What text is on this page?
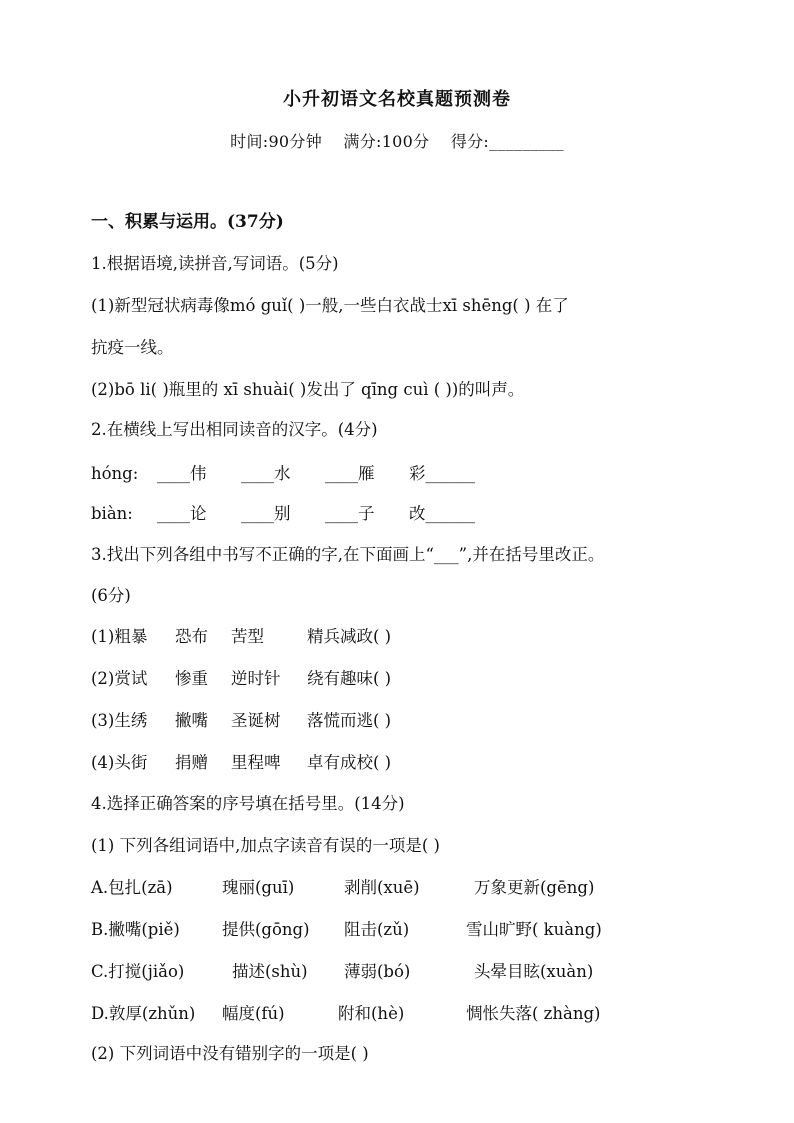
小升初语文名校真题预测卷
时间:90分钟 满分:100分 得分:_________
一、积累与运用。(37分)
1.根据语境,读拼音,写词语。(5分)
(1)新型冠状病毒像mó guǐ( )一般,一些白衣战士xī shēng( ) 在了
抗疫一线。
(2)bō li( )瓶里的 xī shuài( )发出了 qīng cuì ( ))的叫声。
2.在横线上写出相同读音的汉字。(4分)
hóng: ____伟 ____水 ____雁 彩______
biàn: ____论 ____别 ____子 改______
3.找出下列各组中书写不正确的字,在下面画上“___”,并在括号里改正。
(6分)
(1)粗暴 恐布 苦型	精兵减政( )
(2)赏试 惨重 逆时针 绕有趣味( )
(3)生绣 撇嘴 圣诞树 落慌而逃( )
(4)头街 捐赠 里程啤 卓有成校( )
4.选择正确答案的序号填在括号里。(14分)
(1) 下列各组词语中,加点字读音有误的一项是( )
A.包扎(zā)	瑰丽(guī)	剥削(xuē)	万象更新(gēng)
B.撇嘴(piě)	提供(gōng) 阻击(zǔ)	雪山旷野( kuàng)
C.打搅(jiǎo)	描述(shù) 薄弱(bó)	头晕目眩(xuàn)
D.敦厚(zhǔn) 幅度(fú)	附和(hè)	惆怅失落( zhàng)
(2) 下列词语中没有错别字的一项是( )
